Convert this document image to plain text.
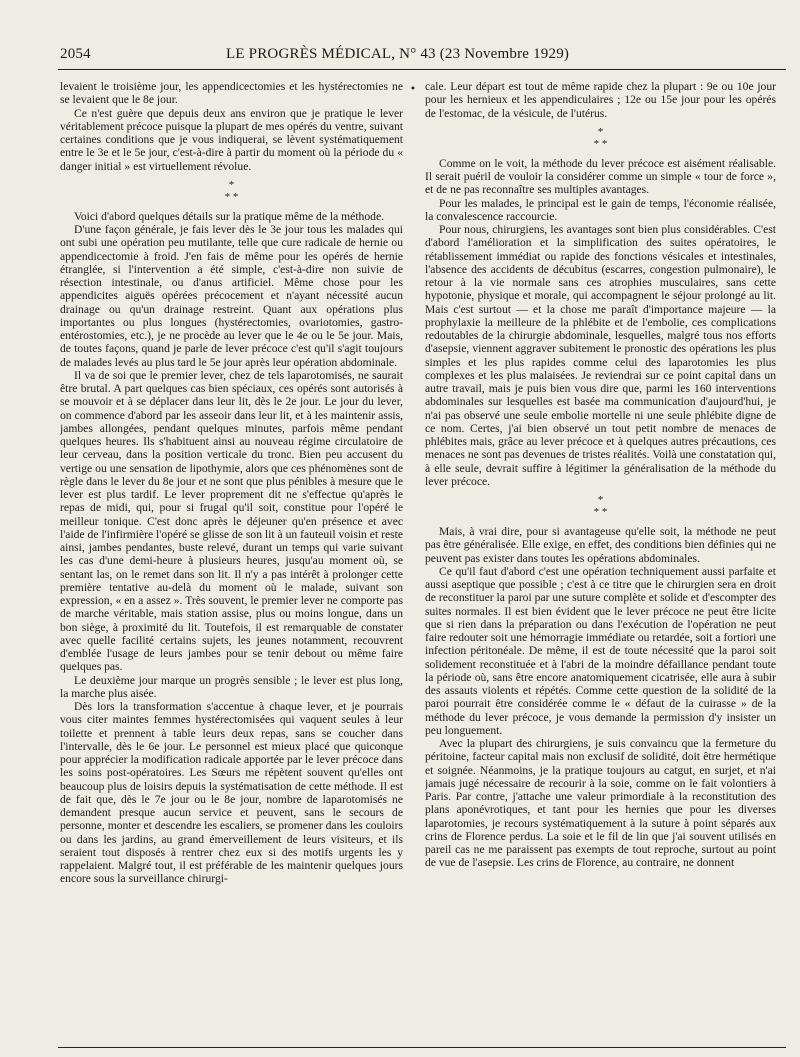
2054	LE PROGRÈS MÉDICAL, N° 43 (23 Novembre 1929)
•

levaient le troisième jour, les appendicectomies et les hystérectomies ne se levaient que le 8e jour.

Ce n'est guère que depuis deux ans environ que je pratique le lever véritablement précoce puisque la plupart de mes opérés du ventre, suivant certaines conditions que je vous indiquerai, se lèvent systématiquement entre le 3e et le 5e jour, c'est-à-dire à partir du moment où la période du « danger initial » est virtuellement révolue.

*
* *

Voici d'abord quelques détails sur la pratique même de la méthode.

D'une façon générale, je fais lever dès le 3e jour tous les malades qui ont subi une opération peu mutilante, telle que cure radicale de hernie ou appendicectomie à froid. J'en fais de même pour les opérés de hernie étranglée, si l'intervention a été simple, c'est-à-dire non suivie de résection intestinale, ou d'anus artificiel. Même chose pour les appendicites aiguës opérées précocement et n'ayant nécessité aucun drainage ou qu'un drainage restreint. Quant aux opérations plus importantes ou plus longues (hystérectomies, ovariotomies, gastro-entérostomies, etc.), je ne procède au lever que le 4e ou le 5e jour. Mais, de toutes façons, quand je parle de lever précoce c'est qu'il s'agit toujours de malades levés au plus tard le 5e jour après leur opération abdominale.

Il va de soi que le premier lever, chez de tels laparotomisés, ne saurait être brutal. A part quelques cas bien spéciaux, ces opérés sont autorisés à se mouvoir et à se déplacer dans leur lit, dès le 2e jour. Le jour du lever, on commence d'abord par les asseoir dans leur lit, et à les maintenir assis, jambes allongées, pendant quelques minutes, parfois même pendant quelques heures. Ils s'habituent ainsi au nouveau régime circulatoire de leur cerveau, dans la position verticale du tronc. Bien peu accusent du vertige ou une sensation de lipothymie, alors que ces phénomènes sont de règle dans le lever du 8e jour et ne sont que plus pénibles à mesure que le lever est plus tardif. Le lever proprement dit ne s'effectue qu'après le repas de midi, qui, pour si frugal qu'il soit, constitue pour l'opéré le meilleur tonique. C'est donc après le déjeuner qu'en présence et avec l'aide de l'infirmière l'opéré se glisse de son lit à un fauteuil voisin et reste ainsi, jambes pendantes, buste relevé, durant un temps qui varie suivant les cas d'une demi-heure à plusieurs heures, jusqu'au moment où, se sentant las, on le remet dans son lit. Il n'y a pas intérêt à prolonger cette première tentative au-delà du moment où le malade, suivant son expression, « en a assez ». Très souvent, le premier lever ne comporte pas de marche véritable, mais station assise, plus ou moins longue, dans un bon siège, à proximité du lit. Toutefois, il est remarquable de constater avec quelle facilité certains sujets, les jeunes notamment, recouvrent d'emblée l'usage de leurs jambes pour se tenir debout ou même faire quelques pas.

Le deuxième jour marque un progrès sensible ; le lever est plus long, la marche plus aisée.

Dès lors la transformation s'accentue à chaque lever, et je pourrais vous citer maintes femmes hystérectomisées qui vaquent seules à leur toilette et prennent à table leurs deux repas, sans se coucher dans l'intervalle, dès le 6e jour. Le personnel est mieux placé que quiconque pour apprécier la modification radicale apportée par le lever précoce dans les soins post-opératoires. Les Sœurs me répètent souvent qu'elles ont beaucoup plus de loisirs depuis la systématisation de cette méthode. Il est de fait que, dès le 7e jour ou le 8e jour, nombre de laparotomisés ne demandent presque aucun service et peuvent, sans le secours de personne, monter et descendre les escaliers, se promener dans les couloirs ou dans les jardins, au grand émerveillement de leurs visiteurs, et ils seraient tout disposés à rentrer chez eux si des motifs urgents les y rappelaient. Malgré tout, il est préférable de les maintenir quelques jours encore sous la surveillance chirurgi-

cale. Leur départ est tout de même rapide chez la plupart : 9e ou 10e jour pour les hernieux et les appendiculaires ; 12e ou 15e jour pour les opérés de l'estomac, de la vésicule, de l'utérus.

*
* *

Comme on le voit, la méthode du lever précoce est aisément réalisable. Il serait puéril de vouloir la considérer comme un simple « tour de force », et de ne pas reconnaître ses multiples avantages.

Pour les malades, le principal est le gain de temps, l'économie réalisée, la convalescence raccourcie.

Pour nous, chirurgiens, les avantages sont bien plus considérables. C'est d'abord l'amélioration et la simplification des suites opératoires, le rétablissement immédiat ou rapide des fonctions vésicales et intestinales, l'absence des accidents de décubitus (escarres, congestion pulmonaire), le retour à la vie normale sans ces atrophies musculaires, sans cette hypotonie, physique et morale, qui accompagnent le séjour prolongé au lit. Mais c'est surtout — et la chose me paraît d'importance majeure — la prophylaxie la meilleure de la phlébite et de l'embolie, ces complications redoutables de la chirurgie abdominale, lesquelles, malgré tous nos efforts d'asepsie, viennent aggraver subitement le pronostic des opérations les plus simples et les plus rapides comme celui des laparotomies les plus complexes et les plus malaisées. Je reviendrai sur ce point capital dans un autre travail, mais je puis bien vous dire que, parmi les 160 interventions abdominales sur lesquelles est basée ma communication d'aujourd'hui, je n'ai pas observé une seule embolie mortelle ni une seule phlébite digne de ce nom. Certes, j'ai bien observé un tout petit nombre de menaces de phlébites mais, grâce au lever précoce et à quelques autres précautions, ces menaces ne sont pas devenues de tristes réalités. Voilà une constatation qui, à elle seule, devrait suffire à légitimer la généralisation de la méthode du lever précoce.

*
* *

Mais, à vrai dire, pour si avantageuse qu'elle soit, la méthode ne peut pas être généralisée. Elle exige, en effet, des conditions bien définies qui ne peuvent pas exister dans toutes les opérations abdominales.

Ce qu'il faut d'abord c'est une opération techniquement aussi parfaite et aussi aseptique que possible ; c'est à ce titre que le chirurgien sera en droit de reconstituer la paroi par une suture complète et solide et d'escompter des suites normales. Il est bien évident que le lever précoce ne peut être licite que si rien dans la préparation ou dans l'exécution de l'opération ne peut faire redouter soit une hémorragie immédiate ou retardée, soit a fortiori une infection péritonéale. De même, il est de toute nécessité que la paroi soit solidement reconstituée et à l'abri de la moindre défaillance pendant toute la période où, sans être encore anatomiquement cicatrisée, elle aura à subir des assauts violents et répétés. Comme cette question de la solidité de la paroi pourrait être considérée comme le « défaut de la cuirasse » de la méthode du lever précoce, je vous demande la permission d'y insister un peu longuement.

Avec la plupart des chirurgiens, je suis convaincu que la fermeture du péritoine, facteur capital mais non exclusif de solidité, doit être hermétique et soignée. Néanmoins, je la pratique toujours au catgut, en surjet, et n'ai jamais jugé nécessaire de recourir à la soie, comme on le fait volontiers à Paris. Par contre, j'attache une valeur primordiale à la reconstitution des plans aponévrotiques, et tant pour les hernies que pour les diverses laparotomies, je recours systématiquement à la suture à point séparés aux crins de Florence perdus. La soie et le fil de lin que j'ai souvent utilisés en pareil cas ne me paraissent pas exempts de tout reproche, surtout au point de vue de l'asepsie. Les crins de Florence, au contraire, ne donnent
